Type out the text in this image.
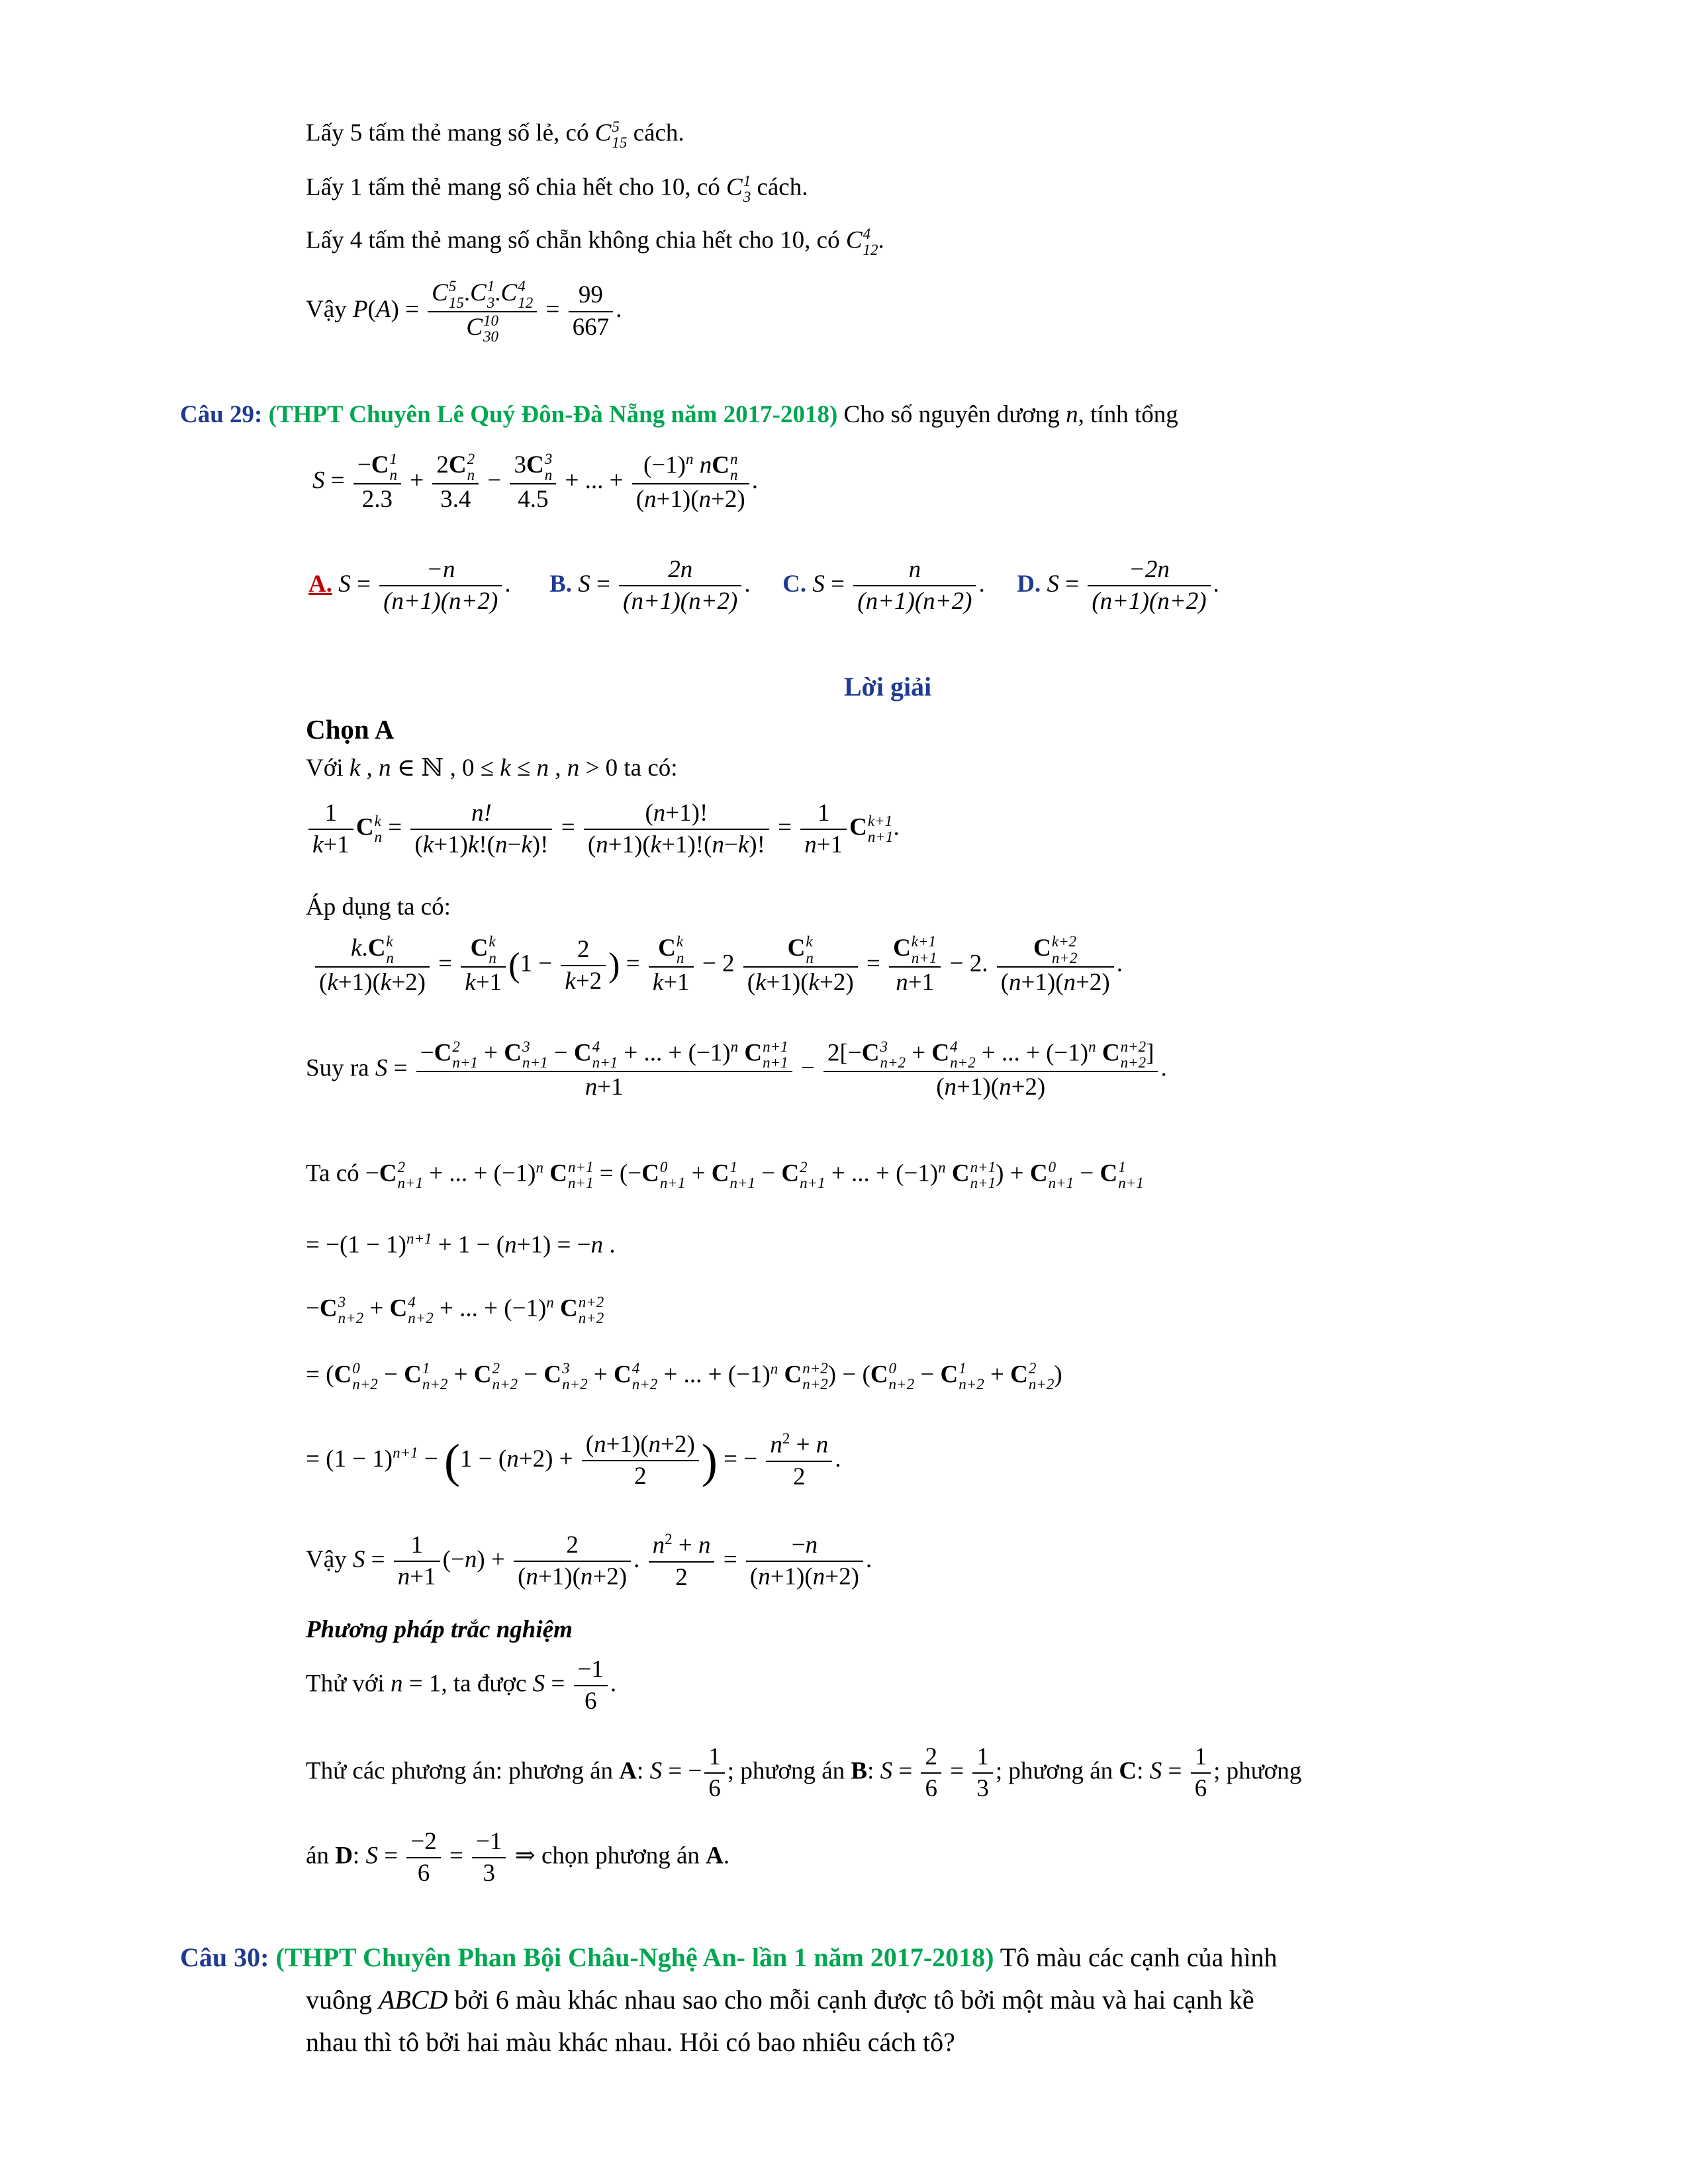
Lấy 5 tấm thẻ mang số lẻ, có C 5
15 cách.
Lấy 1 tấm thẻ mang số chia hết cho 10, có C 1
3 cách.
Lấy 4 tấm thẻ mang số chẵn không chia hết cho 10, có C 4
12 .
Vậy P(A) = C 5
15 .C 1
3 .C 4
12
C 10
$30 = \frac{99}{667}$ .
Câu 29: (THPT Chuyên Lê Quý Đôn-Đà Nẵng năm 2017-2018) Cho số nguyên dương n, tính tổng
S = −C 1
n
2.3 + 2C 2
n
3.4 − 3C 3
n
4.5 + ... + $(-1)^n$ nC n
n
(n+1)(n+2) .
A. $S = \frac{-n}{(n+1)(n+2)}$ . B. $S = \frac{2n}{(n+1)(n+2)}$ . C. $S = \frac{n}{(n+1)(n+2)}$ . D. $S = \frac{-2n}{(n+1)(n+2)}$ .
Lời giải
Chọn A
Với k , n ∈ ℕ , 0 ≤ k ≤ n , n > 0 ta có:
$\frac{1}{k+1}$ C k
$n = \frac{n!}{(k+1)k!(n-k)!} = \frac{(n+1)!}{(n+1)(k+1)!(n-k)!} = \frac{1}{n+1}$ C k+1
n+1 .
Áp dụng ta có:
k.C k
n
(k+1)(k+2) = C k
n
k+1 ($1 - \frac{2}{k+2}$ ) = C k
n
k+1 − 2 C k
n
(k+1)(k+2) = C k+1
n+1
n+1 − 2. C k+2
n+2
(n+1)(n+2) .
Suy ra S = −C 2
n+1 + C 3
n+1 − C 4
n+1 + ... + $(-1)^n$ C n+1
n+1
n+1 − 2[−C 3
n+2 + C 4
n+2 + ... + $(-1)^n$ C n+2
n+2 ]
(n+1)(n+2) .
Ta có −C 2
n+1 + ... + $(-1)^n$ C n+1
n+1 = (−C 0
n+1 + C 1
n+1 − C 2
n+1 + ... + $(-1)^n$ C n+1
n+1 ) + C 0
n+1 − C 1
n+1
= $-(1 - 1)^{n+1} + 1 - (n+1) = -n$ .
−C 3
n+2 + C 4
n+2 + ... + $(-1)^n$ C n+2
n+2
= (C 0
n+2 − C 1
n+2 + C 2
n+2 − C 3
n+2 + C 4
n+2 + ... + $(-1)^n$ C n+2
n+2 ) − (C 0
n+2 − C 1
n+2 + C 2
n+2 )
= $(1 - 1)^{n+1} - (1 - (n+2) + \frac{(n+1)(n+2)}{2}$ ) = − $\frac{n^2 + n}{2}$ .
Vậy $S = \frac{1}{n+1} (-n) + \frac{2}{(n+1)(n+2)}$ . $\frac{n^2 + n}{2} = \frac{-n}{(n+1)(n+2)}$ .
Phương pháp trắc nghiệm
Thử với n = 1, ta được $S = \frac{-1}{6}$ .
Thử các phương án: phương án A: S = − $\frac{1}{6}$ ; phương án B: $S = \frac{2}{6} = \frac{1}{3}$ ; phương án C: $S = \frac{1}{6}$ ; phương
án D: $S = \frac{-2}{6} = \frac{-1}{3}$ ⇒ chọn phương án A.
Câu 30: (THPT Chuyên Phan Bội Châu-Nghệ An- lần 1 năm 2017-2018) Tô màu các cạnh của hình
vuông ABCD bởi 6 màu khác nhau sao cho mỗi cạnh được tô bởi một màu và hai cạnh kề
nhau thì tô bởi hai màu khác nhau. Hỏi có bao nhiêu cách tô?
